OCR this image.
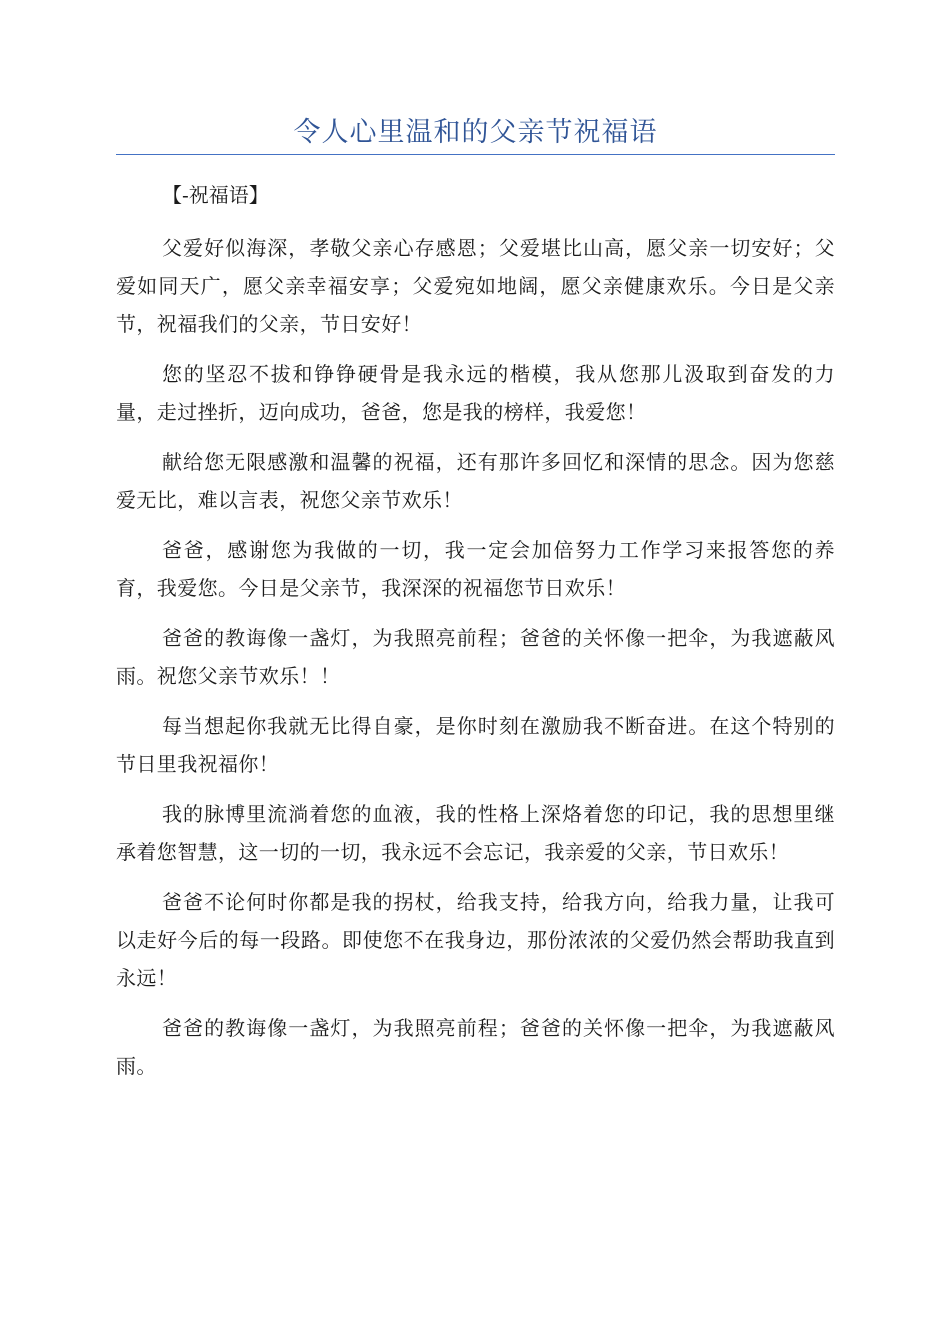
令人心里温和的父亲节祝福语

【-祝福语】

父爱好似海深，孝敬父亲心存感恩；父爱堪比山高，愿父亲一切安好；父爱如同天广，愿父亲幸福安享；父爱宛如地阔，愿父亲健康欢乐。今日是父亲节，祝福我们的父亲，节日安好！

您的坚忍不拔和铮铮硬骨是我永远的楷模，我从您那儿汲取到奋发的力量，走过挫折，迈向成功，爸爸，您是我的榜样，我爱您！

献给您无限感激和温馨的祝福，还有那许多回忆和深情的思念。因为您慈爱无比，难以言表，祝您父亲节欢乐！

爸爸，感谢您为我做的一切，我一定会加倍努力工作学习来报答您的养育，我爱您。今日是父亲节，我深深的祝福您节日欢乐！

爸爸的教诲像一盏灯，为我照亮前程；爸爸的关怀像一把伞，为我遮蔽风雨。祝您父亲节欢乐！！

每当想起你我就无比得自豪，是你时刻在激励我不断奋进。在这个特别的节日里我祝福你！

我的脉博里流淌着您的血液，我的性格上深烙着您的印记，我的思想里继承着您智慧，这一切的一切，我永远不会忘记，我亲爱的父亲，节日欢乐！

爸爸不论何时你都是我的拐杖，给我支持，给我方向，给我力量，让我可以走好今后的每一段路。即使您不在我身边，那份浓浓的父爱仍然会帮助我直到永远！

爸爸的教诲像一盏灯，为我照亮前程；爸爸的关怀像一把伞，为我遮蔽风雨。
